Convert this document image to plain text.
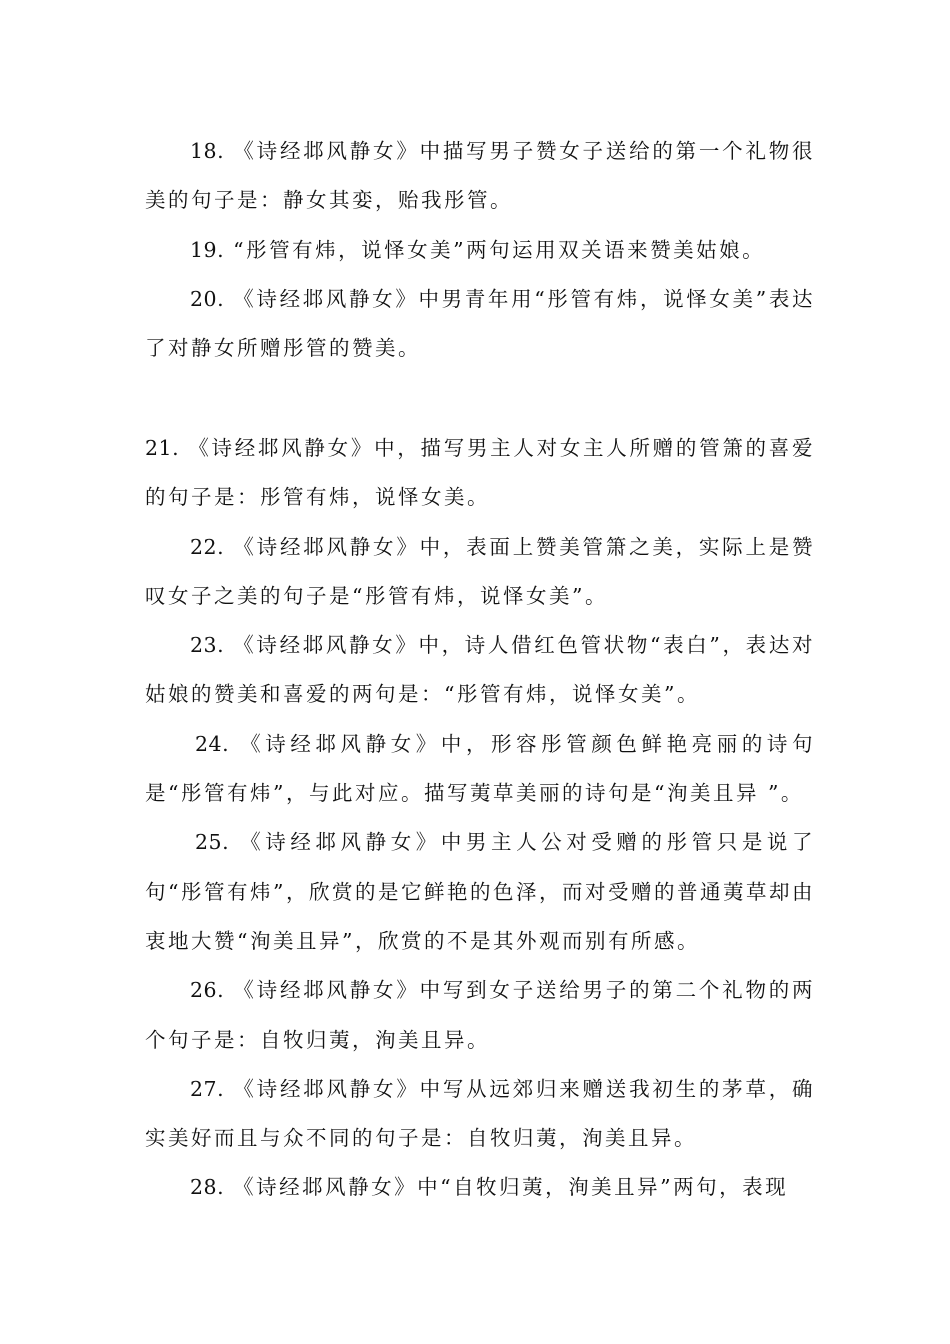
18. 《诗经邶风静女》中描写男子赞女子送给的第一个礼物很美的句子是：静女其娈，贻我彤管。

19. “彤管有炜，说怿女美”两句运用双关语来赞美姑娘。

20. 《诗经邶风静女》中男青年用“彤管有炜，说怿女美”表达了对静女所赠彤管的赞美。

21. 《诗经邶风静女》中，描写男主人对女主人所赠的管箫的喜爱的句子是：彤管有炜，说怿女美。

22. 《诗经邶风静女》中，表面上赞美管箫之美，实际上是赞叹女子之美的句子是“彤管有炜，说怿女美”。

23. 《诗经邶风静女》中，诗人借红色管状物“表白”，表达对姑娘的赞美和喜爱的两句是：“彤管有炜，说怿女美”。

24. 《诗经邶风静女》中，形容彤管颜色鲜艳亮丽的诗句是“彤管有炜”，与此对应。描写荑草美丽的诗句是“洵美且异 ”。

25. 《诗经邶风静女》中男主人公对受赠的彤管只是说了句“彤管有炜”，欣赏的是它鲜艳的色泽，而对受赠的普通荑草却由衷地大赞“洵美且异”，欣赏的不是其外观而别有所感。

26. 《诗经邶风静女》中写到女子送给男子的第二个礼物的两个句子是：自牧归荑，洵美且异。

27. 《诗经邶风静女》中写从远郊归来赠送我初生的茅草，确实美好而且与众不同的句子是：自牧归荑，洵美且异。

28. 《诗经邶风静女》中“自牧归荑，洵美且异”两句，表现
